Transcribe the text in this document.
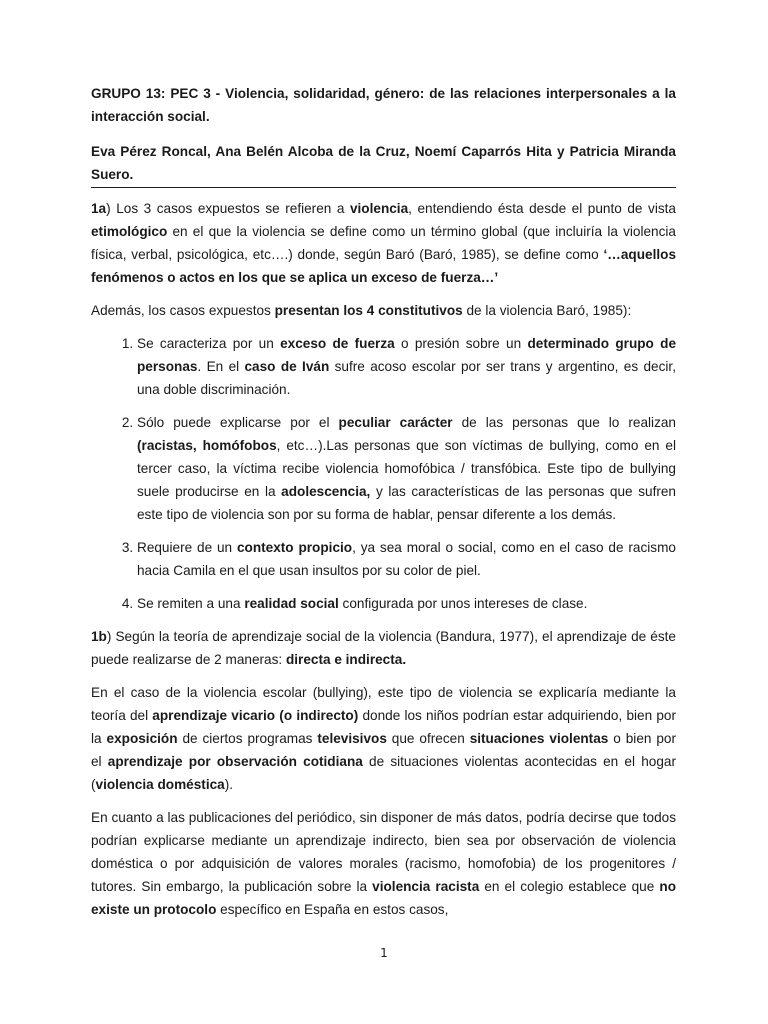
GRUPO 13: PEC 3 - Violencia, solidaridad, género: de las relaciones interpersonales a la interacción social.

Eva Pérez Roncal, Ana Belén Alcoba de la Cruz, Noemí Caparrós Hita y Patricia Miranda Suero.

1a) Los 3 casos expuestos se refieren a violencia, entendiendo ésta desde el punto de vista etimológico en el que la violencia se define como un término global (que incluiría la violencia física, verbal, psicológica, etc….) donde, según Baró (Baró, 1985), se define como ‘…aquellos fenómenos o actos en los que se aplica un exceso de fuerza…’

Además, los casos expuestos presentan los 4 constitutivos de la violencia Baró, 1985):

1. Se caracteriza por un exceso de fuerza o presión sobre un determinado grupo de personas. En el caso de Iván sufre acoso escolar por ser trans y argentino, es decir, una doble discriminación.
2. Sólo puede explicarse por el peculiar carácter de las personas que lo realizan (racistas, homófobos, etc…).Las personas que son víctimas de bullying, como en el tercer caso, la víctima recibe violencia homofóbica / transfóbica. Este tipo de bullying suele producirse en la adolescencia, y las características de las personas que sufren este tipo de violencia son por su forma de hablar, pensar diferente a los demás.
3. Requiere de un contexto propicio, ya sea moral o social, como en el caso de racismo hacia Camila en el que usan insultos por su color de piel.
4. Se remiten a una realidad social configurada por unos intereses de clase.

1b) Según la teoría de aprendizaje social de la violencia (Bandura, 1977), el aprendizaje de éste puede realizarse de 2 maneras: directa e indirecta.

En el caso de la violencia escolar (bullying), este tipo de violencia se explicaría mediante la teoría del aprendizaje vicario (o indirecto) donde los niños podrían estar adquiriendo, bien por la exposición de ciertos programas televisivos que ofrecen situaciones violentas o bien por el aprendizaje por observación cotidiana de situaciones violentas acontecidas en el hogar (violencia doméstica).

En cuanto a las publicaciones del periódico, sin disponer de más datos, podría decirse que todos podrían explicarse mediante un aprendizaje indirecto, bien sea por observación de violencia doméstica o por adquisición de valores morales (racismo, homofobia) de los progenitores / tutores. Sin embargo, la publicación sobre la violencia racista en el colegio establece que no existe un protocolo específico en España en estos casos,

1
